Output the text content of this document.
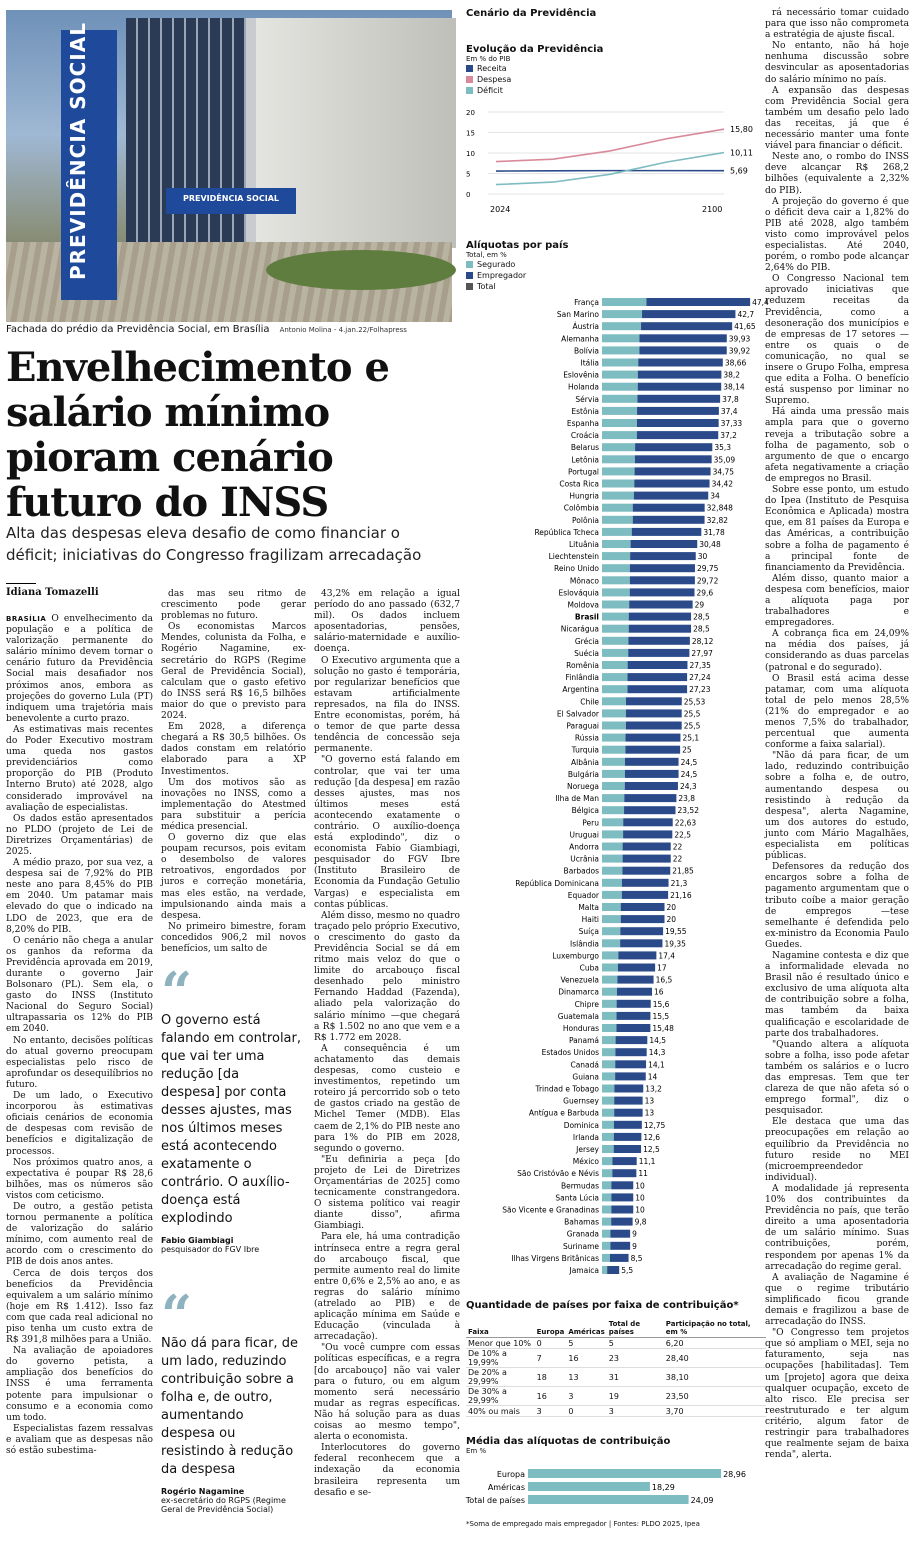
PREVIDÊNCIA SOCIAL
PREVIDÊNCIA SOCIAL
Fachada do prédio da Previdência Social, em Brasília Antonio Molina - 4.jan.22/Folhapress
Envelhecimento e salário mínimo pioram cenário futuro do INSS
Alta das despesas eleva desafio de como financiar o déficit; iniciativas do Congresso fragilizam arrecadação
Idiana Tomazelli

BRASÍLIA O envelhecimento da população e a política de valorização permanente do salário mínimo devem tornar o cenário futuro da Previdência Social mais desafiador nos próximos anos, embora as projeções do governo Lula (PT) indiquem uma trajetória mais benevolente a curto prazo.

As estimativas mais recentes do Poder Executivo mostram uma queda nos gastos previdenciários como proporção do PIB (Produto Interno Bruto) até 2028, algo considerado improvável na avaliação de especialistas.

Os dados estão apresentados no PLDO (projeto de Lei de Diretrizes Orçamentárias) de 2025.

A médio prazo, por sua vez, a despesa sai de 7,92% do PIB neste ano para 8,45% do PIB em 2040. Um patamar mais elevado do que o indicado na LDO de 2023, que era de 8,20% do PIB.

O cenário não chega a anular os ganhos da reforma da Previdência aprovada em 2019, durante o governo Jair Bolsonaro (PL). Sem ela, o gasto do INSS (Instituto Nacional do Seguro Social) ultrapassaria os 12% do PIB em 2040.

No entanto, decisões políticas do atual governo preocupam especialistas pelo risco de aprofundar os desequilíbrios no futuro.

De um lado, o Executivo incorporou às estimativas oficiais cenários de economia de despesas com revisão de benefícios e digitalização de processos.

Nos próximos quatro anos, a expectativa é poupar R$ 28,6 bilhões, mas os números são vistos com ceticismo.

De outro, a gestão petista tornou permanente a política de valorização do salário mínimo, com aumento real de acordo com o crescimento do PIB de dois anos antes.

Cerca de dois terços dos benefícios da Previdência equivalem a um salário mínimo (hoje em R$ 1.412). Isso faz com que cada real adicional no piso tenha um custo extra de R$ 391,8 milhões para a União.

Na avaliação de apoiadores do governo petista, a ampliação dos benefícios do INSS é uma ferramenta potente para impulsionar o consumo e a economia como um todo.

Especialistas fazem ressalvas e avaliam que as despesas não só estão subestima-

das mas seu ritmo de crescimento pode gerar problemas no futuro.

Os economistas Marcos Mendes, colunista da Folha, e Rogério Nagamine, ex-secretário do RGPS (Regime Geral de Previdência Social), calculam que o gasto efetivo do INSS será R$ 16,5 bilhões maior do que o previsto para 2024.

Em 2028, a diferença chegará a R$ 30,5 bilhões. Os dados constam em relatório elaborado para a XP Investimentos.

Um dos motivos são as inovações no INSS, como a implementação do Atestmed para substituir a perícia médica presencial.

O governo diz que elas poupam recursos, pois evitam o desembolso de valores retroativos, engordados por juros e correção monetária, mas eles estão, na verdade, impulsionando ainda mais a despesa.

No primeiro bimestre, foram concedidos 906,2 mil novos benefícios, um salto de

“
O governo está falando em controlar, que vai ter uma redução [da despesa] por conta desses ajustes, mas nos últimos meses está acontecendo exatamente o contrário. O auxílio-doença está explodindo
Fabio Giambiagi
pesquisador do FGV Ibre
“
Não dá para ficar, de um lado, reduzindo contribuição sobre a folha e, de outro, aumentando despesa ou resistindo à redução da despesa
Rogério Nagamine
ex-secretário do RGPS (Regime Geral de Previdência Social)

43,2% em relação a igual período do ano passado (632,7 mil). Os dados incluem aposentadorias, pensões, salário-maternidade e auxílio-doença.

O Executivo argumenta que a solução no gasto é temporária, por regularizar benefícios que estavam artificialmente represados, na fila do INSS. Entre economistas, porém, há o temor de que parte dessa tendência de concessão seja permanente.

"O governo está falando em controlar, que vai ter uma redução [da despesa] em razão desses ajustes, mas nos últimos meses está acontecendo exatamente o contrário. O auxílio-doença está explodindo", diz o economista Fabio Giambiagi, pesquisador do FGV Ibre (Instituto Brasileiro de Economia da Fundação Getulio Vargas) e especialista em contas públicas.

Além disso, mesmo no quadro traçado pelo próprio Executivo, o crescimento do gasto da Previdência Social se dá em ritmo mais veloz do que o limite do arcabouço fiscal desenhado pelo ministro Fernando Haddad (Fazenda), aliado pela valorização do salário mínimo —que chegará a R$ 1.502 no ano que vem e a R$ 1.772 em 2028.

A consequência é um achatamento das demais despesas, como custeio e investimentos, repetindo um roteiro já percorrido sob o teto de gastos criado na gestão de Michel Temer (MDB). Elas caem de 2,1% do PIB neste ano para 1% do PIB em 2028, segundo o governo.

"Eu definiria a peça [do projeto de Lei de Diretrizes Orçamentárias de 2025] como tecnicamente constrangedora. O sistema político vai reagir diante disso", afirma Giambiagi.

Para ele, há uma contradição intrínseca entre a regra geral do arcabouço fiscal, que permite aumento real do limite entre 0,6% e 2,5% ao ano, e as regras do salário mínimo (atrelado ao PIB) e de aplicação mínima em Saúde e Educação (vinculada à arrecadação).

"Ou você cumpre com essas políticas específicas, e a regra [do arcabouço] não vai valer para o futuro, ou em algum momento será necessário mudar as regras específicas. Não há solução para as duas coisas ao mesmo tempo", alerta o economista.

Interlocutores do governo federal reconhecem que a indexação da economia brasileira representa um desafio e se-

Cenário da Previdência
Evolução da Previdência
Em % do PIB
Receita
Despesa
Déficit
0
5
10
15
20
5,69
15,80
10,11
2024	2100
Alíquotas por país
Total, em %
Segurado
Empregador
Total
França	47,4
San Marino	42,7
Áustria	41,65
Alemanha	39,93
Bolívia	39,92
Itália	38,66
Eslovênia	38,2
Holanda	38,14
Sérvia	37,8
Estônia	37,4
Espanha	37,33
Croácia	37,2
Belarus	35,3
Letônia	35,09
Portugal	34,75
Costa Rica	34,42
Hungria	34
Colômbia	32,848
Polônia	32,82
República Tcheca	31,78
Lituânia	30,48
Liechtenstein	30
Reino Unido	29,75
Mônaco	29,72
Eslováquia	29,6
Moldova	29
Brasil	28,5
Nicarágua	28,5
Grécia	28,12
Suécia	27,97
Romênia	27,35
Finlândia	27,24
Argentina	27,23
Chile	25,53
El Salvador	25,5
Paraguai	25,5
Rússia	25,1
Turquia	25
Albânia	24,5
Bulgária	24,5
Noruega	24,3
Ilha de Man	23,8
Bélgica	23,52
Peru	22,63
Uruguai	22,5
Andorra	22
Ucrânia	22
Barbados	21,85
República Dominicana	21,3
Equador	21,16
Malta	20
Haiti	20
Suíça	19,55
Islândia	19,35
Luxemburgo	17,4
Cuba	17
Venezuela	16,5
Dinamarca	16
Chipre	15,6
Guatemala	15,5
Honduras	15,48
Panamá	14,5
Estados Unidos	14,3
Canadá	14,1
Guiana	14
Trindad e Tobago	13,2
Guernsey	13
Antígua e Barbuda	13
Dominica	12,75
Irlanda	12,6
Jersey	12,5
México	11,1
São Cristóvão e Névis	11
Bermudas	10
Santa Lúcia	10
São Vicente e Granadinas	10
Bahamas	9,8
Granada	9
Suriname	9
Ilhas Virgens Britânicas	8,5
Jamaica	5,5
Quantidade de países por faixa de contribuição*
Faixa	Europa	Américas	Total de países	Participação no total, em %
Menor que 10%	0	5	5	6,20
De 10% a 19,99%	7	16	23	28,40
De 20% a 29,99%	18	13	31	38,10
De 30% a 29,99%	16	3	19	23,50
40% ou mais	3	0	3	3,70
Média das alíquotas de contribuição
Em %
Europa	28,96
Américas	18,29
Total de países	24,09
*Soma de empregado mais empregador | Fontes: PLDO 2025, Ipea

rá necessário tomar cuidado para que isso não comprometa a estratégia de ajuste fiscal.

No entanto, não há hoje nenhuma discussão sobre desvincular as aposentadorias do salário mínimo no país.

A expansão das despesas com Previdência Social gera também um desafio pelo lado das receitas, já que é necessário manter uma fonte viável para financiar o déficit.

Neste ano, o rombo do INSS deve alcançar R$ 268,2 bilhões (equivalente a 2,32% do PIB).

A projeção do governo é que o déficit deva cair a 1,82% do PIB até 2028, algo também visto como improvável pelos especialistas. Até 2040, porém, o rombo pode alcançar 2,64% do PIB.

O Congresso Nacional tem aprovado iniciativas que reduzem receitas da Previdência, como a desoneração dos municípios e de empresas de 17 setores —entre os quais o de comunicação, no qual se insere o Grupo Folha, empresa que edita a Folha. O benefício está suspenso por liminar no Supremo.

Há ainda uma pressão mais ampla para que o governo reveja a tributação sobre a folha de pagamento, sob o argumento de que o encargo afeta negativamente a criação de empregos no Brasil.

Sobre esse ponto, um estudo do Ipea (Instituto de Pesquisa Econômica e Aplicada) mostra que, em 81 países da Europa e das Américas, a contribuição sobre a folha de pagamento é a principal fonte de financiamento da Previdência.

Além disso, quanto maior a despesa com benefícios, maior a alíquota paga por trabalhadores e empregadores.

A cobrança fica em 24,09% na média dos países, já considerando as duas parcelas (patronal e do segurado).

O Brasil está acima desse patamar, com uma alíquota total de pelo menos 28,5% (21% do empregador e ao menos 7,5% do trabalhador, percentual que aumenta conforme a faixa salarial).

"Não dá para ficar, de um lado, reduzindo contribuição sobre a folha e, de outro, aumentando despesa ou resistindo à redução da despesa", alerta Nagamine, um dos autores do estudo, junto com Mário Magalhães, especialista em políticas públicas.

Defensores da redução dos encargos sobre a folha de pagamento argumentam que o tributo coíbe a maior geração de empregos —tese semelhante é defendida pelo ex-ministro da Economia Paulo Guedes.

Nagamine contesta e diz que a informalidade elevada no Brasil não é resultado único e exclusivo de uma alíquota alta de contribuição sobre a folha, mas também da baixa qualificação e escolaridade de parte dos trabalhadores.

"Quando altera a alíquota sobre a folha, isso pode afetar também os salários e o lucro das empresas. Tem que ter clareza de que não afeta só o emprego formal", diz o pesquisador.

Ele destaca que uma das preocupações em relação ao equilíbrio da Previdência no futuro reside no MEI (microempreendedor individual).

A modalidade já representa 10% dos contribuintes da Previdência no país, que terão direito a uma aposentadoria de um salário mínimo. Suas contribuições, porém, respondem por apenas 1% da arrecadação do regime geral.

A avaliação de Nagamine é que o regime tributário simplificado ficou grande demais e fragilizou a base de arrecadação do INSS.

"O Congresso tem projetos que só ampliam o MEI, seja no faturamento, seja nas ocupações [habilitadas]. Tem um [projeto] agora que deixa qualquer ocupação, exceto de alto risco. Ele precisa ser reestruturado e ter algum critério, algum fator de restringir para trabalhadores que realmente sejam de baixa renda", alerta.
